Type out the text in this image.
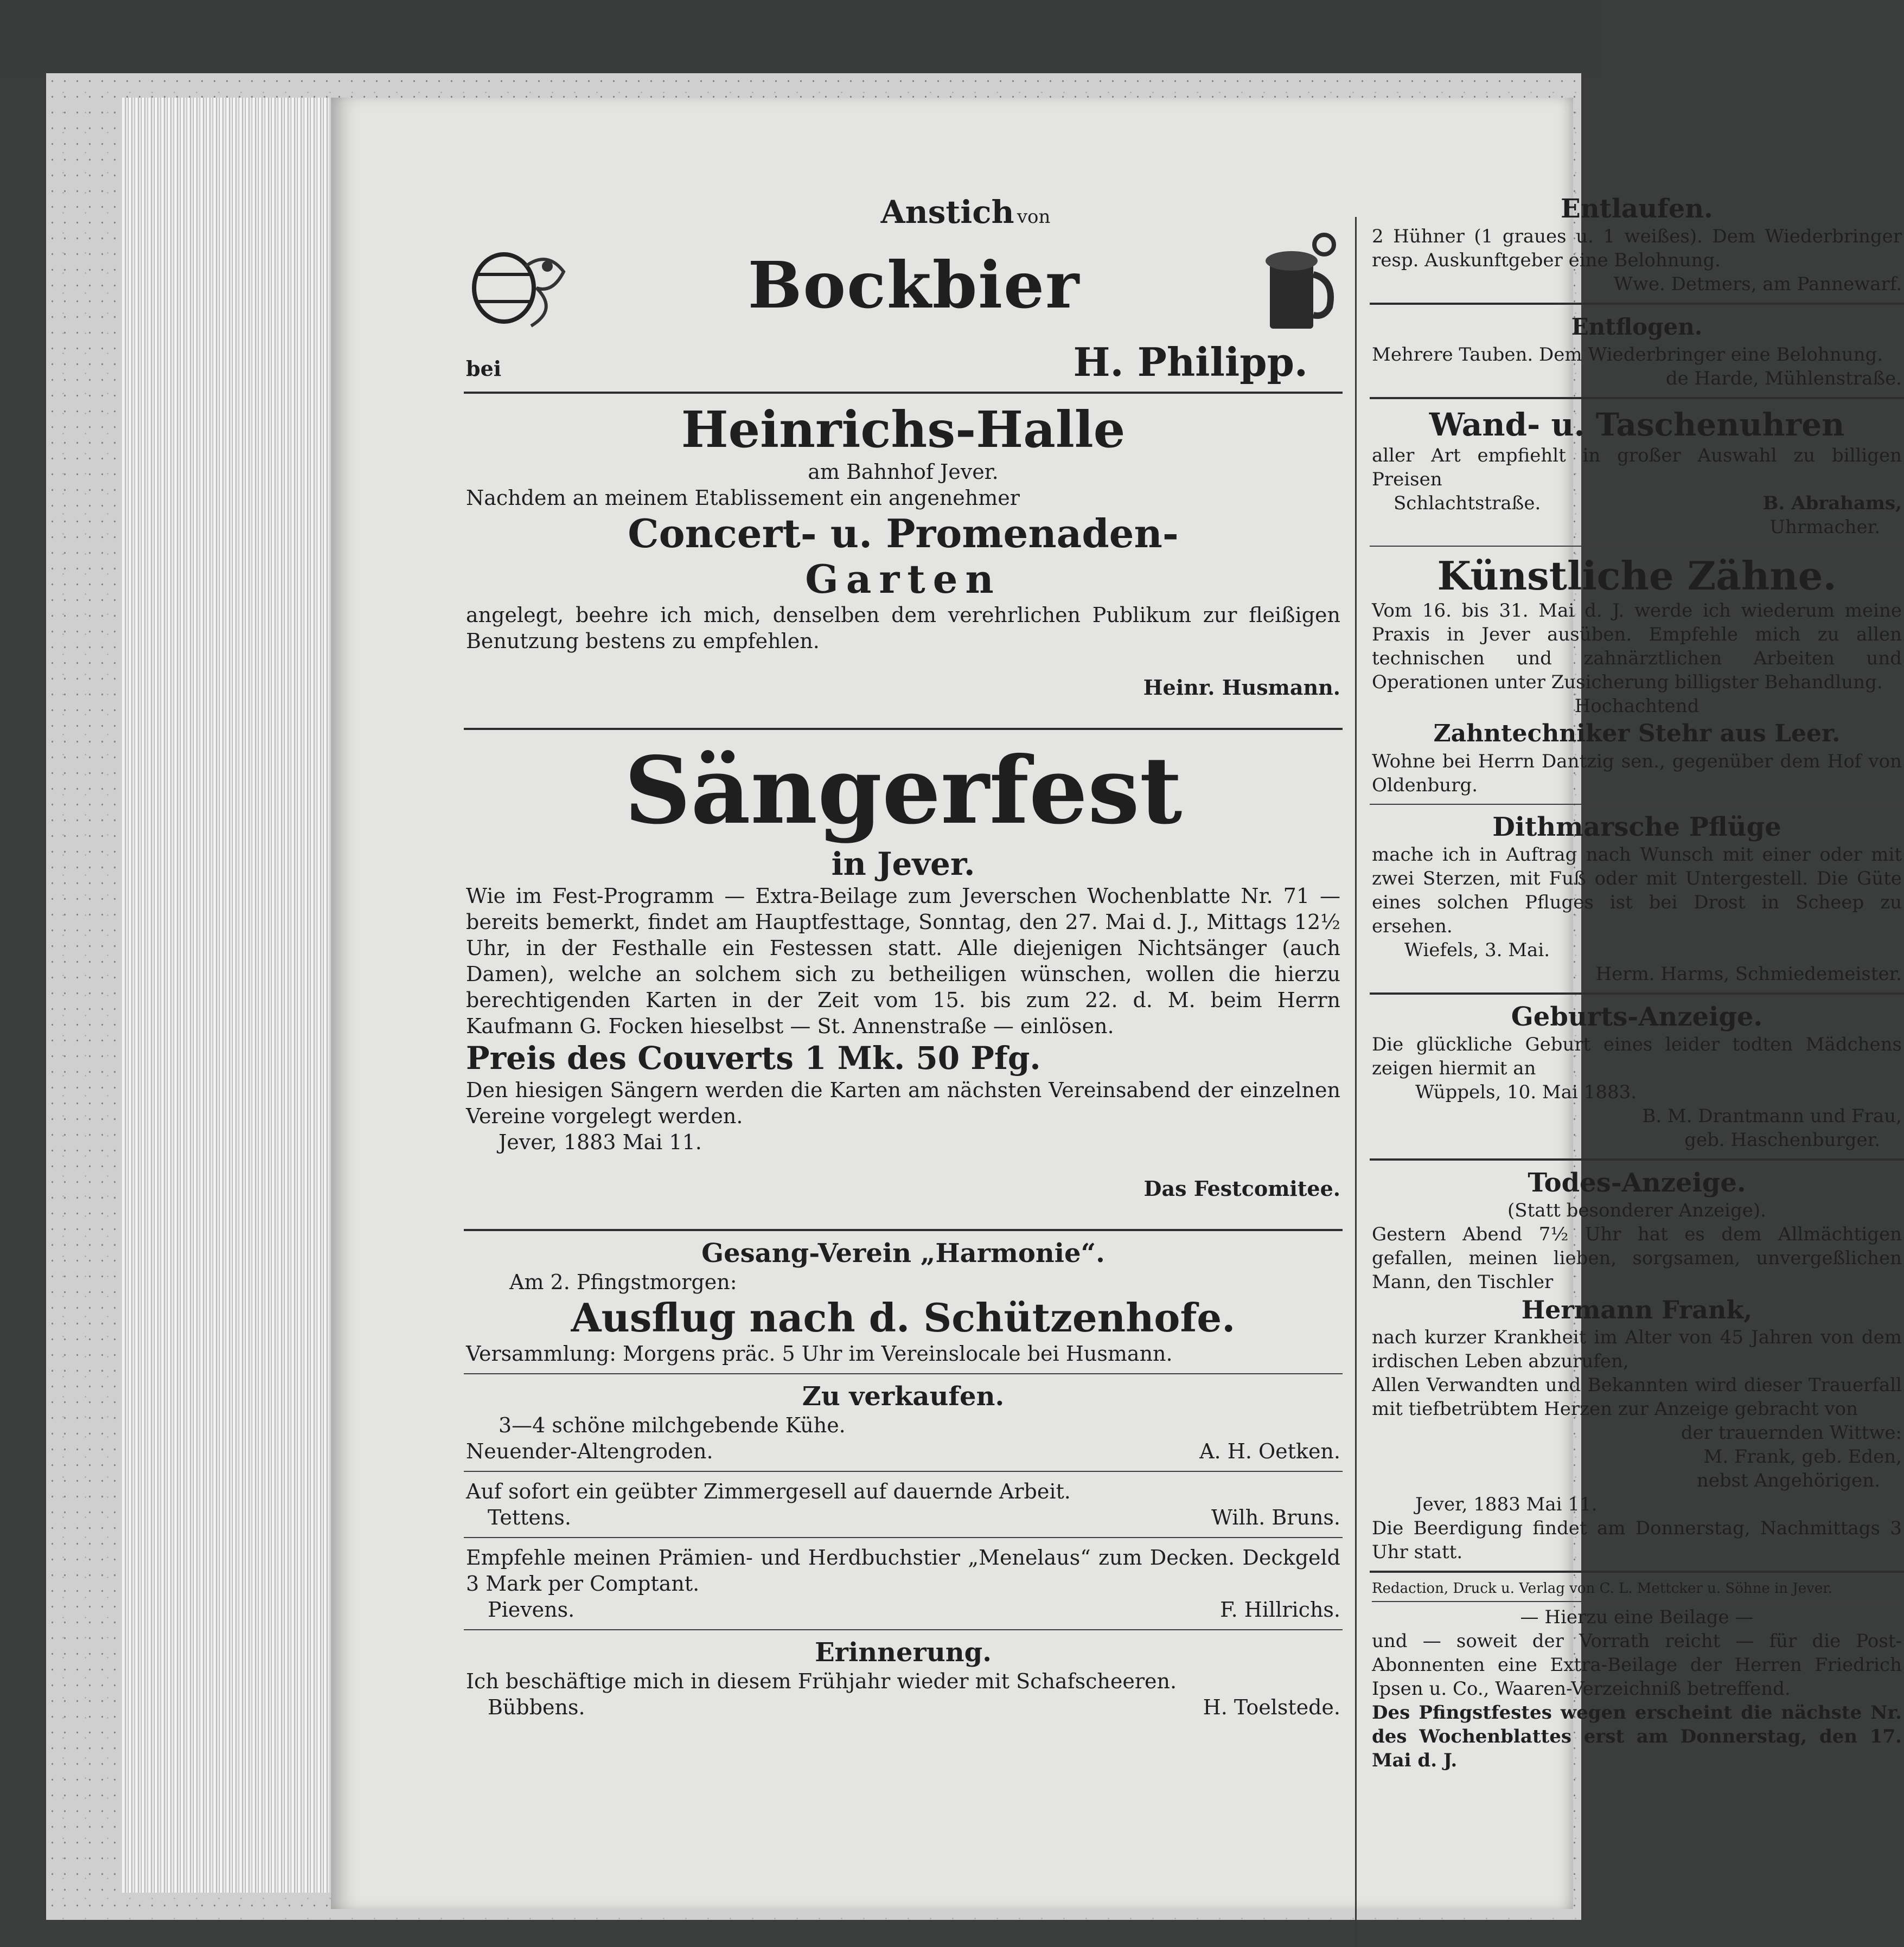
Anstich von
Bockbier
bei	H. Philipp.
Heinrichs-Halle

am Bahnhof Jever.

Nachdem an meinem Etablissement ein angenehmer

Concert- u. Promenaden-
Garten

angelegt, beehre ich mich, denselben dem verehrlichen Publikum zur fleißigen Benutzung bestens zu empfehlen.

Heinr. Husmann.

Sängerfest
in Jever.

Wie im Fest-Programm — Extra-Beilage zum Jeverschen Wochenblatte Nr. 71 — bereits bemerkt, findet am Hauptfesttage, Sonntag, den 27. Mai d. J., Mittags 12½ Uhr, in der Festhalle ein Festessen statt. Alle diejenigen Nichtsänger (auch Damen), welche an solchem sich zu betheiligen wünschen, wollen die hierzu berechtigenden Karten in der Zeit vom 15. bis zum 22. d. M. beim Herrn Kaufmann G. Focken hieselbst — St. Annenstraße — einlösen.

Preis des Couverts 1 Mk. 50 Pfg.

Den hiesigen Sängern werden die Karten am nächsten Vereinsabend der einzelnen Vereine vorgelegt werden.

Jever, 1883 Mai 11.

Das Festcomitee.

Gesang-Verein „Harmonie“.

Am 2. Pfingstmorgen:

Ausflug nach d. Schützenhofe.

Versammlung: Morgens präc. 5 Uhr im Vereinslocale bei Husmann.

Zu verkaufen.

3—4 schöne milchgebende Kühe.

Neuender-Altengroden.	A. H. Oetken.

Auf sofort ein geübter Zimmergesell auf dauernde Arbeit.

Tettens.	Wilh. Bruns.

Empfehle meinen Prämien- und Herdbuchstier „Menelaus“ zum Decken. Deckgeld 3 Mark per Comptant.

Pievens.	F. Hillrichs.
Erinnerung.

Ich beschäftige mich in diesem Frühjahr wieder mit Schafscheeren.

Bübbens.	H. Toelstede.
Entlaufen.

2 Hühner (1 graues u. 1 weißes). Dem Wiederbringer resp. Auskunftgeber eine Belohnung.

Wwe. Detmers, am Pannewarf.

Entflogen.

Mehrere Tauben. Dem Wiederbringer eine Belohnung.

de Harde, Mühlenstraße.

Wand- u. Taschenuhren

aller Art empfiehlt in großer Auswahl zu billigen Preisen

Schlachtstraße.	B. Abrahams,

Uhrmacher.

Künstliche Zähne.

Vom 16. bis 31. Mai d. J. werde ich wiederum meine Praxis in Jever ausüben. Empfehle mich zu allen technischen und zahnärztlichen Arbeiten und Operationen unter Zusicherung billigster Behandlung.

Hochachtend

Zahntechniker Stehr aus Leer.

Wohne bei Herrn Dantzig sen., gegenüber dem Hof von Oldenburg.

Dithmarsche Pflüge

mache ich in Auftrag nach Wunsch mit einer oder mit zwei Sterzen, mit Fuß oder mit Untergestell. Die Güte eines solchen Pfluges ist bei Drost in Scheep zu ersehen.

Wiefels, 3. Mai.

Herm. Harms, Schmiedemeister.

Geburts-Anzeige.

Die glückliche Geburt eines leider todten Mädchens zeigen hiermit an

Wüppels, 10. Mai 1883.

B. M. Drantmann und Frau,

geb. Haschenburger.

Todes-Anzeige.

(Statt besonderer Anzeige).

Gestern Abend 7½ Uhr hat es dem Allmächtigen gefallen, meinen lieben, sorgsamen, unvergeßlichen Mann, den Tischler

Hermann Frank,

nach kurzer Krankheit im Alter von 45 Jahren von dem irdischen Leben abzurufen,

Allen Verwandten und Bekannten wird dieser Trauerfall mit tiefbetrübtem Herzen zur Anzeige gebracht von

der trauernden Wittwe:

M. Frank, geb. Eden,

nebst Angehörigen.

Jever, 1883 Mai 11.

Die Beerdigung findet am Donnerstag, Nachmittags 3 Uhr statt.

Redaction, Druck u. Verlag von C. L. Mettcker u. Söhne in Jever.

— Hierzu eine Beilage —

und — soweit der Vorrath reicht — für die Post-Abonnenten eine Extra-Beilage der Herren Friedrich Ipsen u. Co., Waaren-Verzeichniß betreffend.

Des Pfingstfestes wegen erscheint die nächste Nr. des Wochenblattes erst am Donnerstag, den 17. Mai d. J.
